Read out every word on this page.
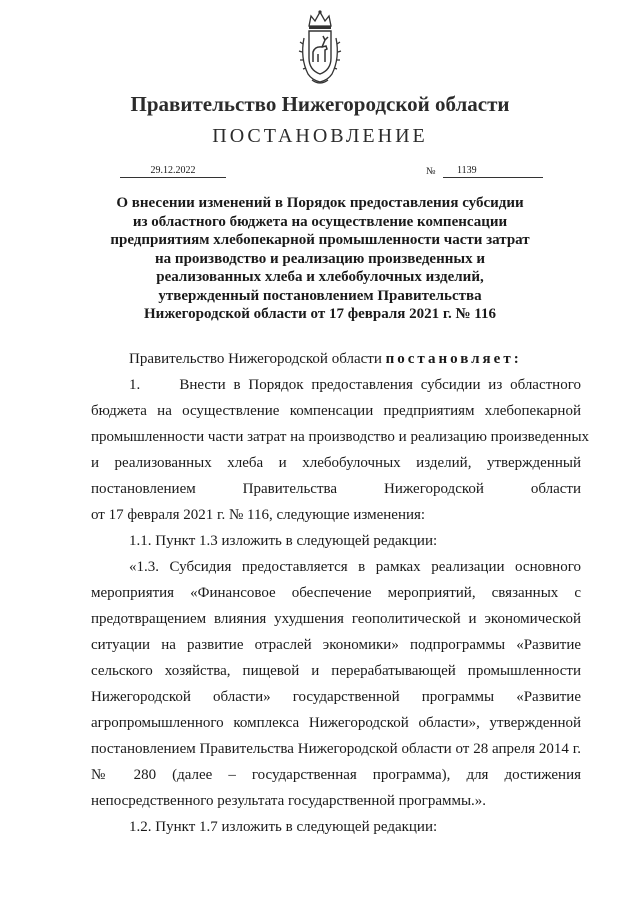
Правительство Нижегородской области
ПОСТАНОВЛЕНИЕ
29.12.2022	№	1139
О внесении изменений в Порядок предоставления субсидии
из областного бюджета на осуществление компенсации
предприятиям хлебопекарной промышленности части затрат
на производство и реализацию произведенных и
реализованных хлеба и хлебобулочных изделий,
утвержденный постановлением Правительства
Нижегородской области от 17 февраля 2021 г. № 116
Правительство Нижегородской области постановляет:
1.     Внести в Порядок предоставления субсидии из областного
бюджета на осуществление компенсации предприятиям хлебопекарной
промышленности части затрат на производство и реализацию произведенных
и реализованных хлеба и хлебобулочных изделий, утвержденный
постановлением Правительства Нижегородской области
от 17 февраля 2021 г. № 116, следующие изменения:
1.1. Пункт 1.3 изложить в следующей редакции:
«1.3. Субсидия предоставляется в рамках реализации основного
мероприятия «Финансовое обеспечение мероприятий, связанных с
предотвращением влияния ухудшения геополитической и экономической
ситуации на развитие отраслей экономики» подпрограммы «Развитие
сельского хозяйства, пищевой и перерабатывающей промышленности
Нижегородской области» государственной программы «Развитие
агропромышленного комплекса Нижегородской области», утвержденной
постановлением Правительства Нижегородской области от 28 апреля 2014 г.
№ 280 (далее – государственная программа), для достижения
непосредственного результата государственной программы.».
1.2. Пункт 1.7 изложить в следующей редакции:
